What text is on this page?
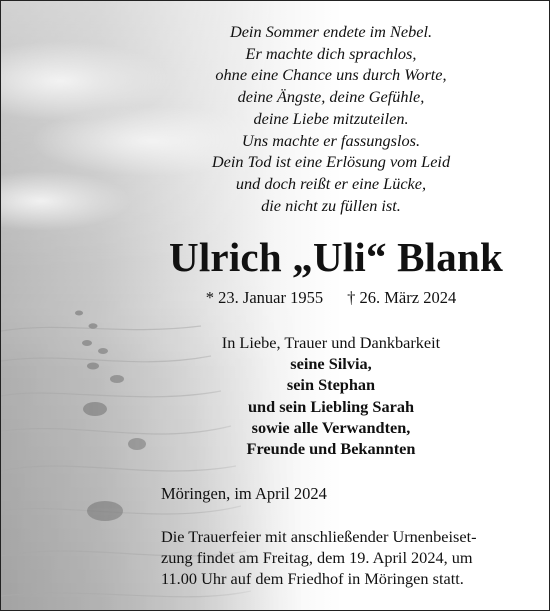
Dein Sommer endete im Nebel.
Er machte dich sprachlos,
ohne eine Chance uns durch Worte,
deine Ängste, deine Gefühle,
deine Liebe mitzuteilen.
Uns machte er fassungslos.
Dein Tod ist eine Erlösung vom Leid
und doch reißt er eine Lücke,
die nicht zu füllen ist.
Ulrich „Uli“ Blank
* 23. Januar 1955 † 26. März 2024
In Liebe, Trauer und Dankbarkeit
seine Silvia,
sein Stephan
und sein Liebling Sarah
sowie alle Verwandten,
Freunde und Bekannten
Möringen, im April 2024
Die Trauerfeier mit anschließender Urnenbeiset-
zung findet am Freitag, dem 19. April 2024, um
11.00 Uhr auf dem Friedhof in Möringen statt.
